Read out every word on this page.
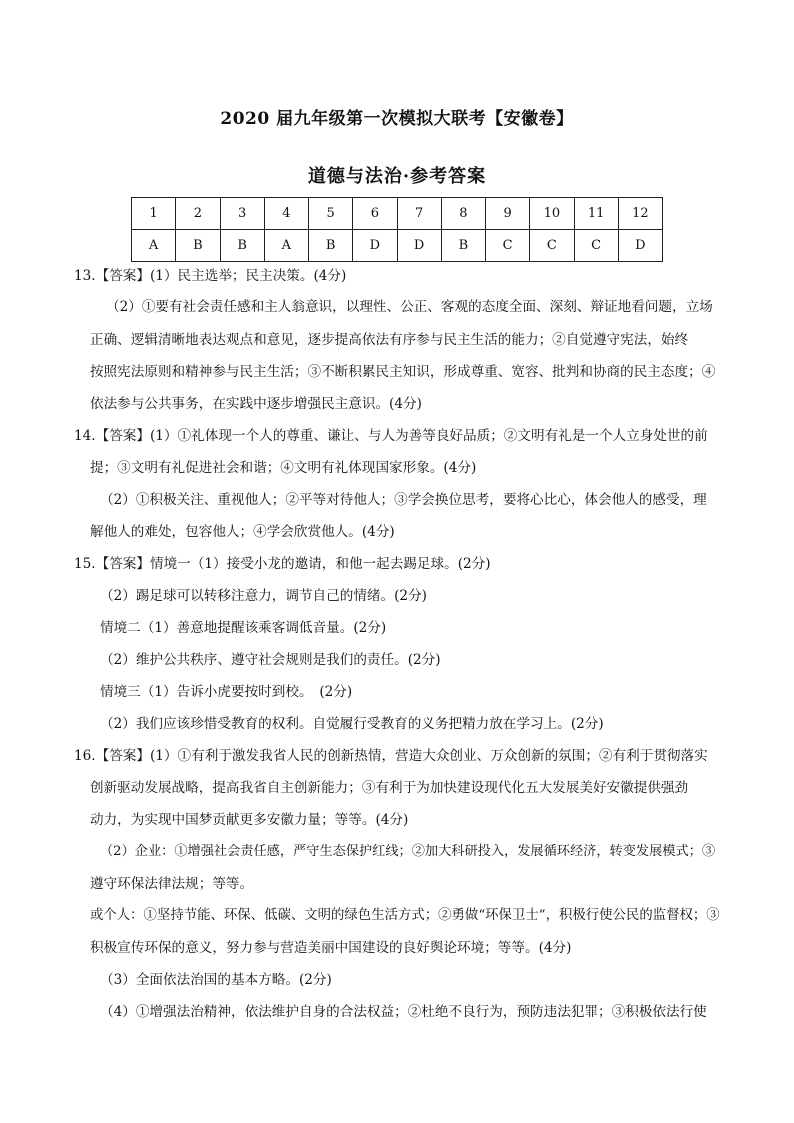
2020 届九年级第一次模拟大联考【安徽卷】
道德与法治·参考答案
1	2	3	4	5	6	7	8	9	10	11	12
A	B	B	A	B	D	D	B	C	C	C	D
13.【答案】(1）民主选举；民主决策。(4分)
（2）①要有社会责任感和主人翁意识，以理性、公正、客观的态度全面、深刻、辩证地看问题，立场
正确、逻辑清晰地表达观点和意见，逐步提高依法有序参与民主生活的能力；②自觉遵守宪法，始终
按照宪法原则和精神参与民主生活；③不断积累民主知识，形成尊重、宽容、批判和协商的民主态度；④
依法参与公共事务，在实践中逐步增强民主意识。(4分)
14.【答案】(1）①礼体现一个人的尊重、谦让、与人为善等良好品质；②文明有礼是一个人立身处世的前
提；③文明有礼促进社会和谐；④文明有礼体现国家形象。(4分)
（2）①积极关注、重视他人；②平等对待他人；③学会换位思考，要将心比心，体会他人的感受，理
解他人的难处，包容他人；④学会欣赏他人。(4分)
15.【答案】情境一（1）接受小龙的邀请，和他一起去踢足球。(2分)
（2）踢足球可以转移注意力，调节自己的情绪。(2分)
情境二（1）善意地提醒该乘客调低音量。(2分)
（2）维护公共秩序、遵守社会规则是我们的责任。(2分)
情境三（1）告诉小虎要按时到校。　(2分)
（2）我们应该珍惜受教育的权利。自觉履行受教育的义务把精力放在学习上。(2分)
16.【答案】(1）①有利于激发我省人民的创新热情，营造大众创业、万众创新的氛围；②有利于贯彻落实
创新驱动发展战略，提高我省自主创新能力；③有利于为加快建设现代化五大发展美好安徽提供强劲
动力，为实现中国梦贡献更多安徽力量；等等。(4分)
（2）企业：①增强社会责任感，严守生态保护红线；②加大科研投入，发展循环经济，转变发展模式；③
遵守环保法律法规；等等。
或个人：①坚持节能、环保、低碳、文明的绿色生活方式；②勇做“环保卫士”，积极行使公民的监督权；③
积极宣传环保的意义，努力参与营造美丽中国建设的良好舆论环境；等等。(4分)
（3）全面依法治国的基本方略。(2分)
（4）①增强法治精神，依法维护自身的合法权益；②杜绝不良行为，预防违法犯罪；③积极依法行使
